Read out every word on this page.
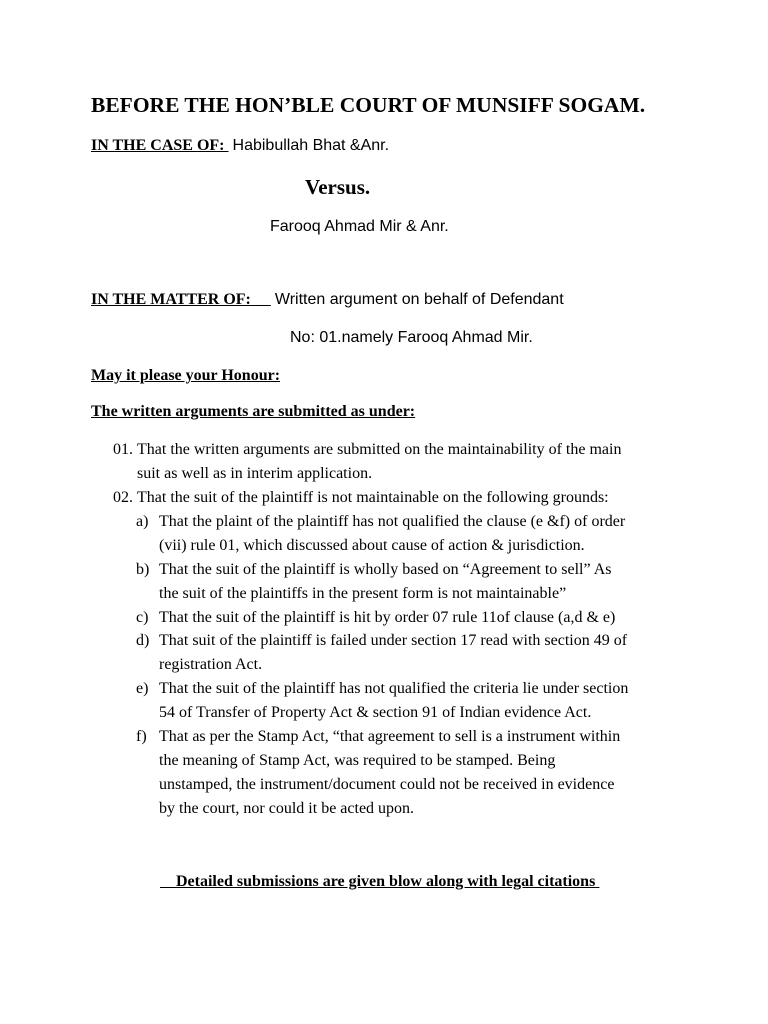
BEFORE THE HON’BLE COURT OF MUNSIFF SOGAM.
IN THE CASE OF: Habibullah Bhat &Anr.
Versus.
Farooq Ahmad Mir & Anr.
IN THE MATTER OF: Written argument on behalf of Defendant
No: 01.namely Farooq Ahmad Mir.
May it please your Honour:
The written arguments are submitted as under:
01. That the written arguments are submitted on the maintainability of the main
suit as well as in interim application.
02. That the suit of the plaintiff is not maintainable on the following grounds:
a) That the plaint of the plaintiff has not qualified the clause (e &f) of order
(vii) rule 01, which discussed about cause of action & jurisdiction.
b) That the suit of the plaintiff is wholly based on “Agreement to sell” As
the suit of the plaintiffs in the present form is not maintainable”
c) That the suit of the plaintiff is hit by order 07 rule 11of clause (a,d & e)
d) That suit of the plaintiff is failed under section 17 read with section 49 of
registration Act.
e) That the suit of the plaintiff has not qualified the criteria lie under section
54 of Transfer of Property Act & section 91 of Indian evidence Act.
f) That as per the Stamp Act, “that agreement to sell is a instrument within
the meaning of Stamp Act, was required to be stamped. Being
unstamped, the instrument/document could not be received in evidence
by the court, nor could it be acted upon.
Detailed submissions are given blow along with legal citations
